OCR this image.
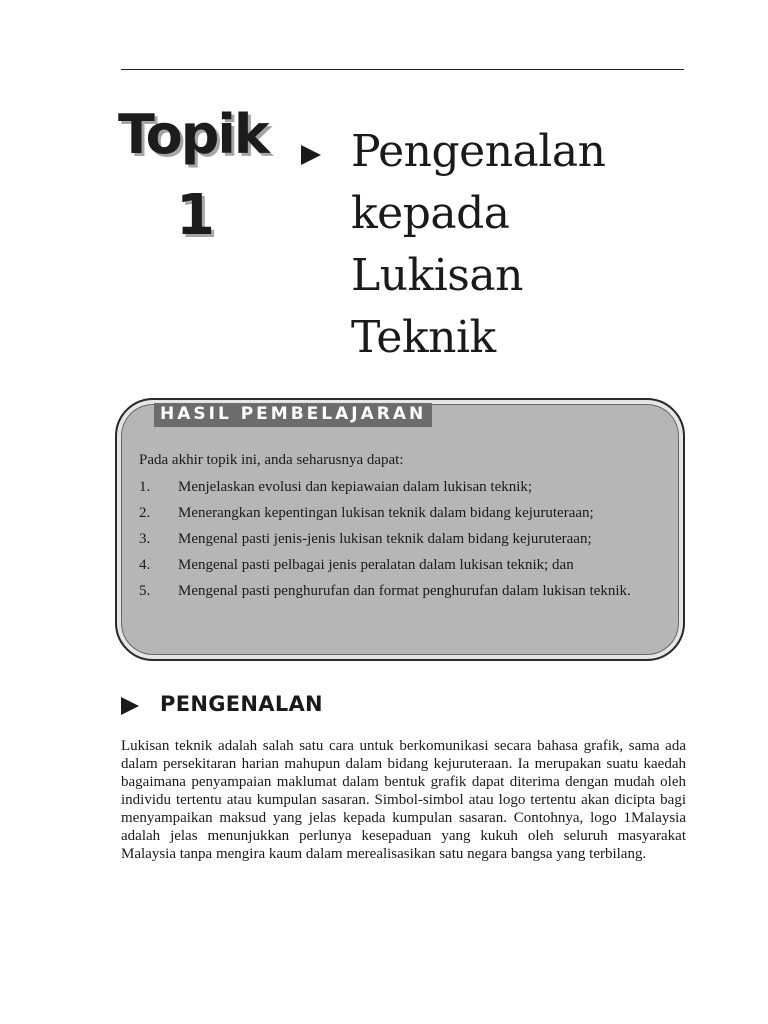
Topik
1
Pengenalan
kepada
Lukisan
Teknik
HASIL PEMBELAJARAN
Pada akhir topik ini, anda seharusnya dapat:
1.	Menjelaskan evolusi dan kepiawaian dalam lukisan teknik;
2.	Menerangkan kepentingan lukisan teknik dalam bidang kejuruteraan;
3.	Mengenal pasti jenis-jenis lukisan teknik dalam bidang kejuruteraan;
4.	Mengenal pasti pelbagai jenis peralatan dalam lukisan teknik; dan
5.	Mengenal pasti penghurufan dan format penghurufan dalam lukisan teknik.
PENGENALAN

Lukisan teknik adalah salah satu cara untuk berkomunikasi secara bahasa grafik, sama ada dalam persekitaran harian mahupun dalam bidang kejuruteraan. Ia merupakan suatu kaedah bagaimana penyampaian maklumat dalam bentuk grafik dapat diterima dengan mudah oleh individu tertentu atau kumpulan sasaran. Simbol-simbol atau logo tertentu akan dicipta bagi menyampaikan maksud yang jelas kepada kumpulan sasaran. Contohnya, logo 1Malaysia adalah jelas menunjukkan perlunya kesepaduan yang kukuh oleh seluruh masyarakat Malaysia tanpa mengira kaum dalam merealisasikan satu negara bangsa yang terbilang.
